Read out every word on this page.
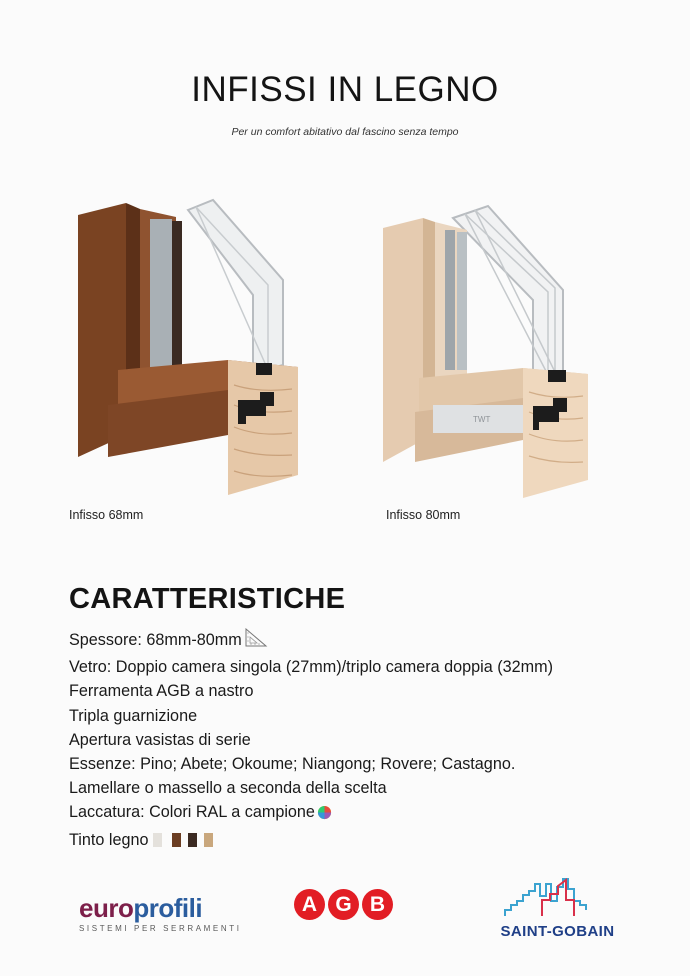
INFISSI IN LEGNO
Per un comfort abitativo dal fascino senza tempo
Infisso 68mm
TWT
Infisso 80mm
CARATTERISTICHE
Spessore: 68mm-80mm
Vetro: Doppio camera singola (27mm)/triplo camera doppia (32mm)
Ferramenta AGB a nastro
Tripla guarnizione
Apertura vasistas di serie
Essenze: Pino; Abete; Okoume; Niangong; Rovere; Castagno.
Lamellare o massello a seconda della scelta
Laccatura: Colori RAL a campione
Tinto legno
europrofili
SISTEMI PER SERRAMENTI
A G B
SAINT-GOBAIN
